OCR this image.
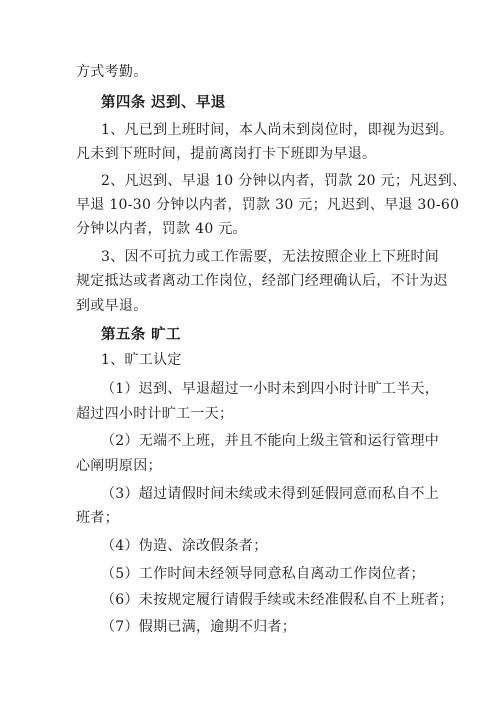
方式考勤。
第四条 迟到、早退
1、凡已到上班时间，本人尚未到岗位时，即视为迟到。
凡未到下班时间，提前离岗打卡下班即为早退。
2、凡迟到、早退 10 分钟以内者，罚款 20 元；凡迟到、
早退 10-30 分钟以内者，罚款 30 元；凡迟到、早退 30-60
分钟以内者，罚款 40 元。
3、因不可抗力或工作需要，无法按照企业上下班时间
规定抵达或者离动工作岗位，经部门经理确认后，不计为迟
到或早退。
第五条 旷工
1、旷工认定
（1）迟到、早退超过一小时未到四小时计旷工半天，
超过四小时计旷工一天；
（2）无端不上班，并且不能向上级主管和运行管理中
心阐明原因；
（3）超过请假时间未续或未得到延假同意而私自不上
班者；
（4）伪造、涂改假条者；
（5）工作时间未经领导同意私自离动工作岗位者；
（6）未按规定履行请假手续或未经准假私自不上班者；
（7）假期已满，逾期不归者；
